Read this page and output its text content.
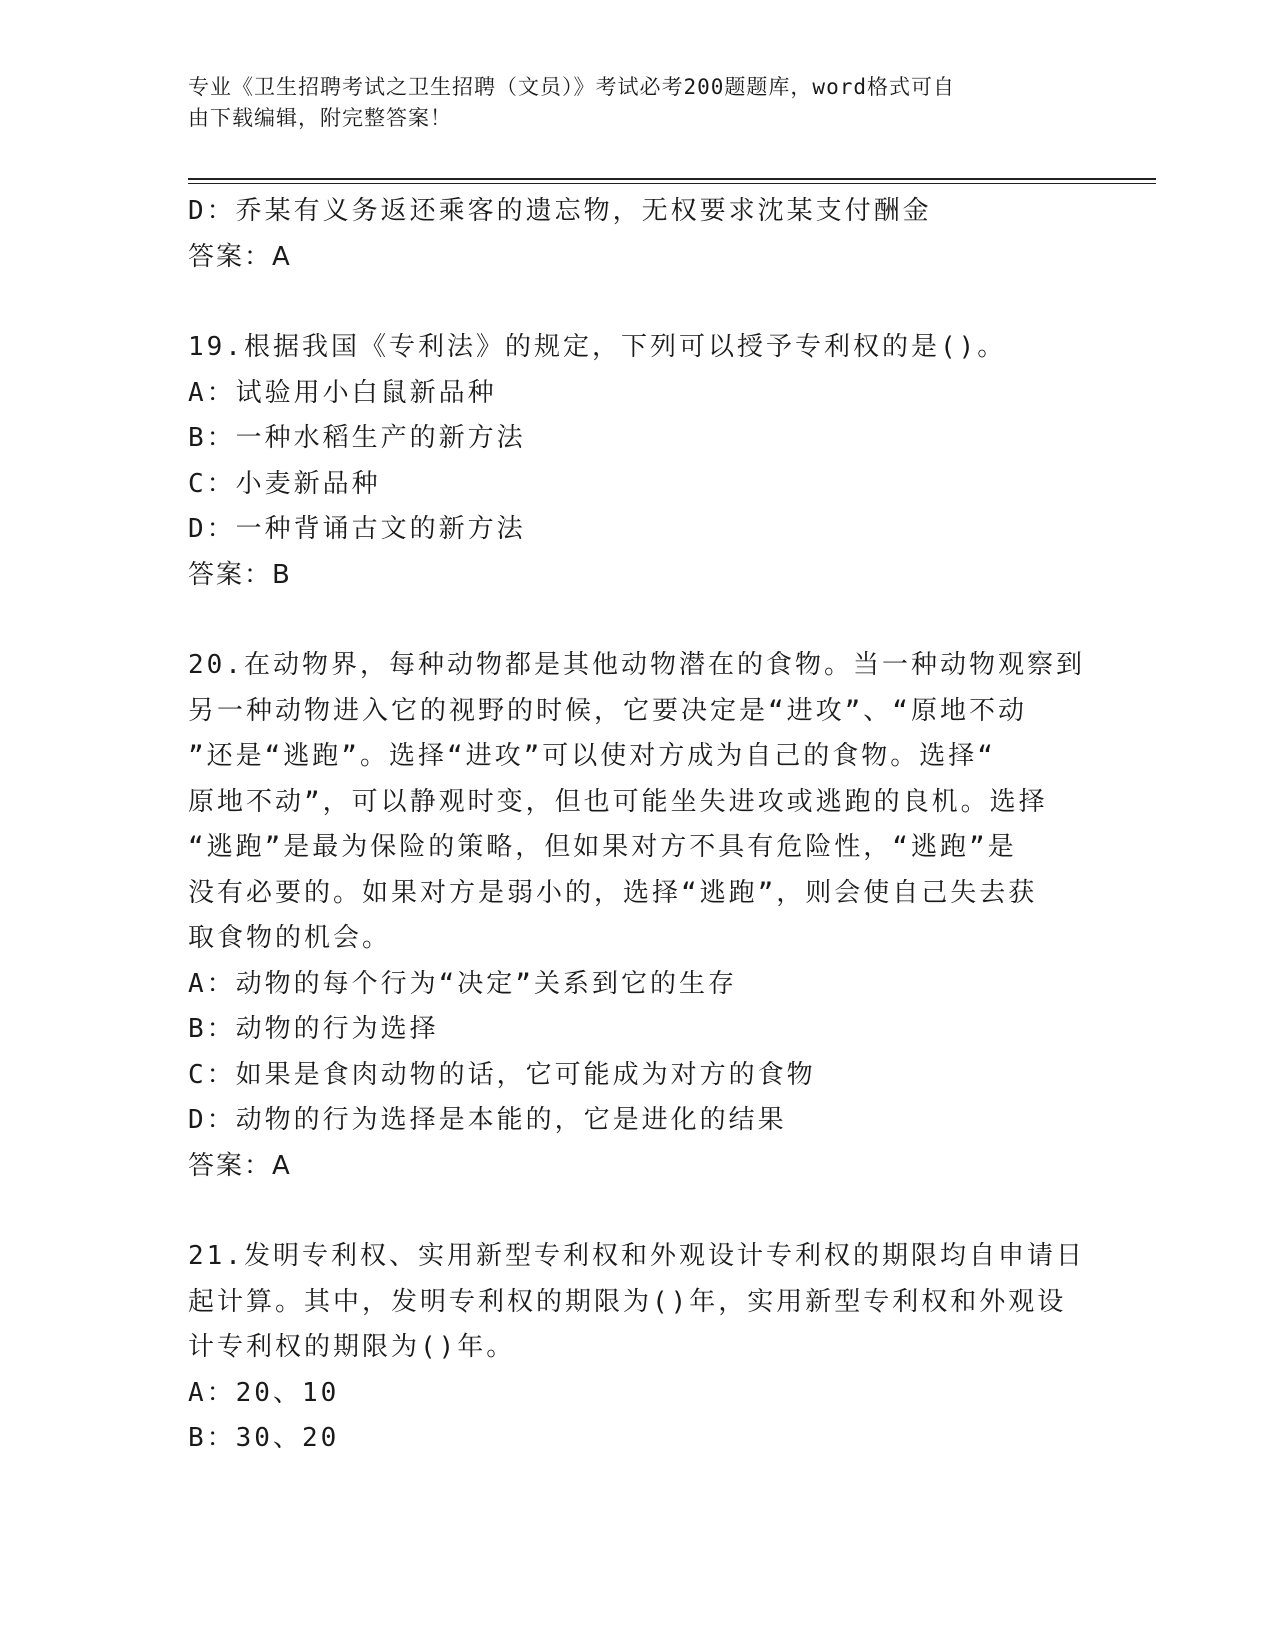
专业《卫生招聘考试之卫生招聘（文员）》考试必考200题题库，word格式可自
由下载编辑，附完整答案！
D：乔某有义务返还乘客的遗忘物，无权要求沈某支付酬金
答案：A
19.根据我国《专利法》的规定，下列可以授予专利权的是()。
A：试验用小白鼠新品种
B：一种水稻生产的新方法
C：小麦新品种
D：一种背诵古文的新方法
答案：B
20.在动物界，每种动物都是其他动物潜在的食物。当一种动物观察到
另一种动物进入它的视野的时候，它要决定是“进攻”、“原地不动
”还是“逃跑”。选择“进攻”可以使对方成为自己的食物。选择“
原地不动”，可以静观时变，但也可能坐失进攻或逃跑的良机。选择
“逃跑”是最为保险的策略，但如果对方不具有危险性，“逃跑”是
没有必要的。如果对方是弱小的，选择“逃跑”，则会使自己失去获
取食物的机会。
A：动物的每个行为“决定”关系到它的生存
B：动物的行为选择
C：如果是食肉动物的话，它可能成为对方的食物
D：动物的行为选择是本能的，它是进化的结果
答案：A
21.发明专利权、实用新型专利权和外观设计专利权的期限均自申请日
起计算。其中，发明专利权的期限为()年，实用新型专利权和外观设
计专利权的期限为()年。
A：20、10
B：30、20
